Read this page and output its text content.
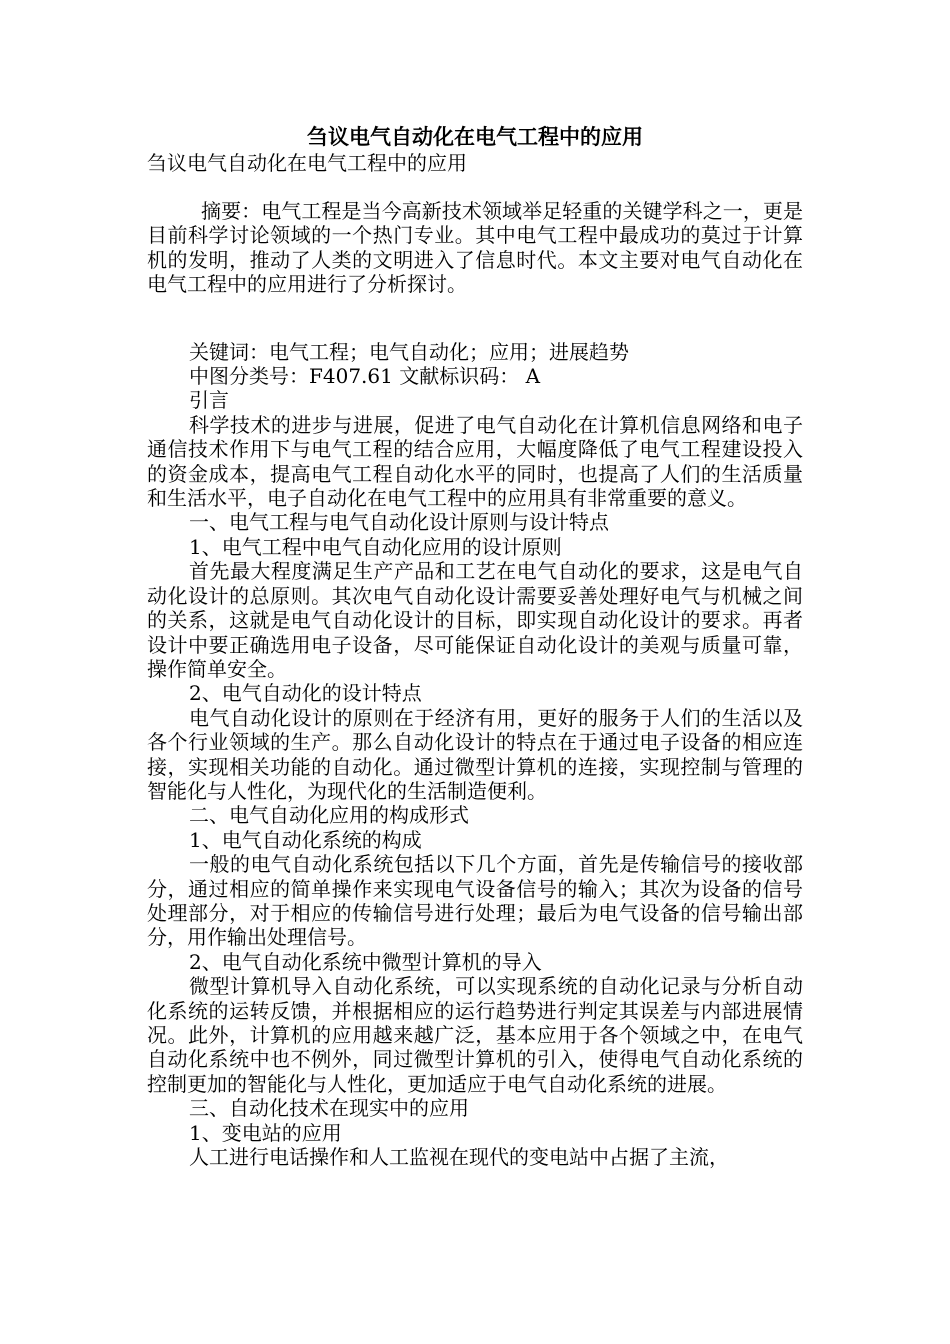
刍议电气自动化在电气工程中的应用
刍议电气自动化在电气工程中的应用

摘要：电气工程是当今高新技术领域举足轻重的关键学科之一，更是目前科学讨论领域的一个热门专业。其中电气工程中最成功的莫过于计算机的发明，推动了人类的文明进入了信息时代。本文主要对电气自动化在电气工程中的应用进行了分析探讨。

关键词：电气工程；电气自动化；应用；进展趋势

中图分类号：F407.61 文献标识码： A

引言

科学技术的进步与进展，促进了电气自动化在计算机信息网络和电子通信技术作用下与电气工程的结合应用，大幅度降低了电气工程建设投入的资金成本，提高电气工程自动化水平的同时，也提高了人们的生活质量和生活水平，电子自动化在电气工程中的应用具有非常重要的意义。

一、电气工程与电气自动化设计原则与设计特点

1、电气工程中电气自动化应用的设计原则

首先最大程度满足生产产品和工艺在电气自动化的要求，这是电气自动化设计的总原则。其次电气自动化设计需要妥善处理好电气与机械之间的关系，这就是电气自动化设计的目标，即实现自动化设计的要求。再者设计中要正确选用电子设备，尽可能保证自动化设计的美观与质量可靠，操作简单安全。

2、电气自动化的设计特点

电气自动化设计的原则在于经济有用，更好的服务于人们的生活以及各个行业领域的生产。那么自动化设计的特点在于通过电子设备的相应连接，实现相关功能的自动化。通过微型计算机的连接，实现控制与管理的智能化与人性化，为现代化的生活制造便利。

二、电气自动化应用的构成形式

1、电气自动化系统的构成

一般的电气自动化系统包括以下几个方面，首先是传输信号的接收部分，通过相应的简单操作来实现电气设备信号的输入；其次为设备的信号处理部分，对于相应的传输信号进行处理；最后为电气设备的信号输出部分，用作输出处理信号。

2、电气自动化系统中微型计算机的导入

微型计算机导入自动化系统，可以实现系统的自动化记录与分析自动化系统的运转反馈，并根据相应的运行趋势进行判定其误差与内部进展情况。此外，计算机的应用越来越广泛，基本应用于各个领域之中，在电气自动化系统中也不例外，同过微型计算机的引入，使得电气自动化系统的控制更加的智能化与人性化，更加适应于电气自动化系统的进展。

三、自动化技术在现实中的应用

1、变电站的应用

人工进行电话操作和人工监视在现代的变电站中占据了主流，
